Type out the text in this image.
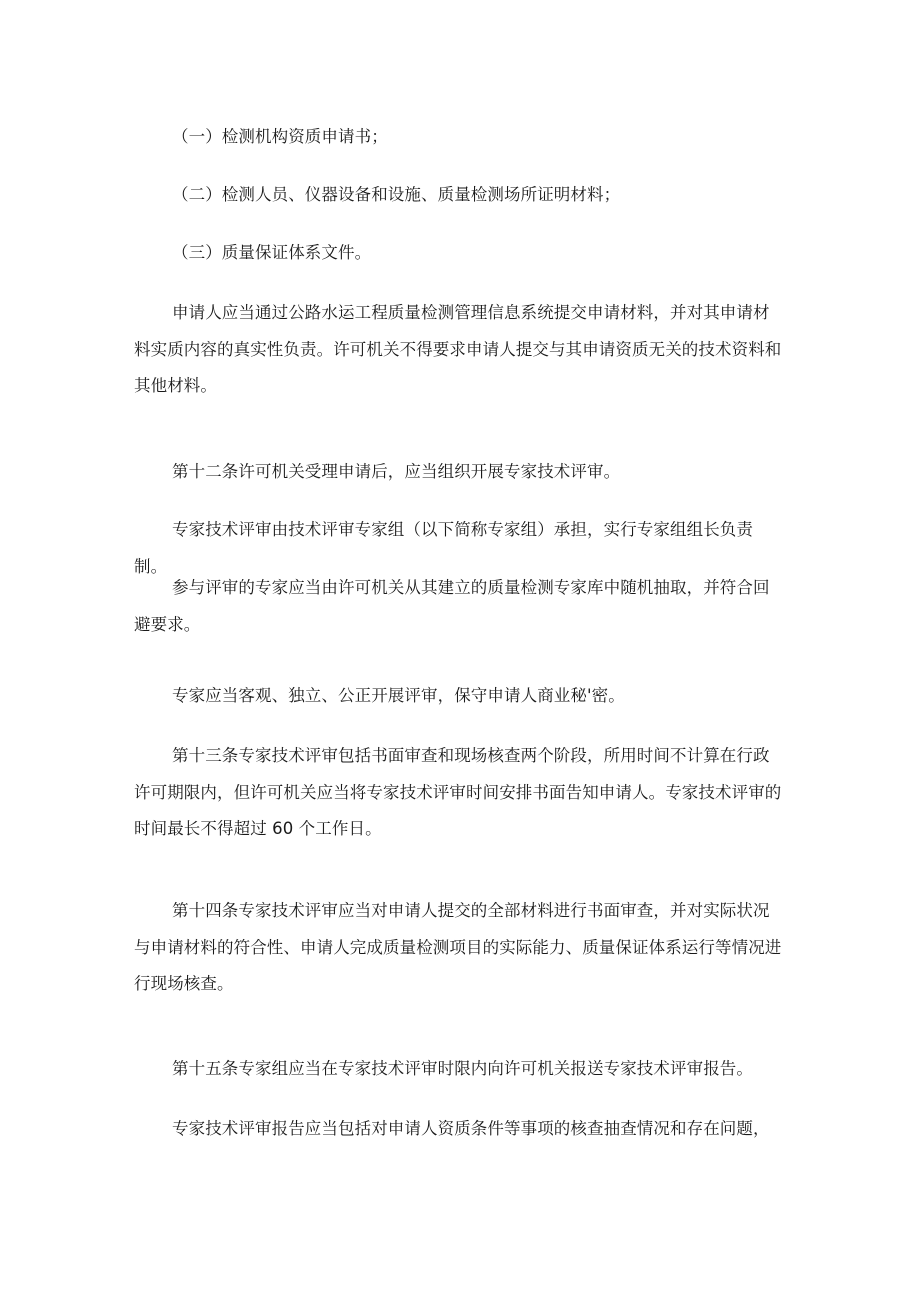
（一）检测机构资质申请书；

（二）检测人员、仪器设备和设施、质量检测场所证明材料；

（三）质量保证体系文件。

申请人应当通过公路水运工程质量检测管理信息系统提交申请材料，并对其申请材料实质内容的真实性负责。许可机关不得要求申请人提交与其申请资质无关的技术资料和其他材料。

第十二条许可机关受理申请后，应当组织开展专家技术评审。

专家技术评审由技术评审专家组（以下简称专家组）承担，实行专家组组长负责制。

参与评审的专家应当由许可机关从其建立的质量检测专家库中随机抽取，并符合回避要求。

专家应当客观、独立、公正开展评审，保守申请人商业秘'密。

第十三条专家技术评审包括书面审查和现场核查两个阶段，所用时间不计算在行政许可期限内，但许可机关应当将专家技术评审时间安排书面告知申请人。专家技术评审的时间最长不得超过 60 个工作日。

第十四条专家技术评审应当对申请人提交的全部材料进行书面审查，并对实际状况与申请材料的符合性、申请人完成质量检测项目的实际能力、质量保证体系运行等情况进行现场核查。

第十五条专家组应当在专家技术评审时限内向许可机关报送专家技术评审报告。

专家技术评审报告应当包括对申请人资质条件等事项的核查抽查情况和存在问题，
